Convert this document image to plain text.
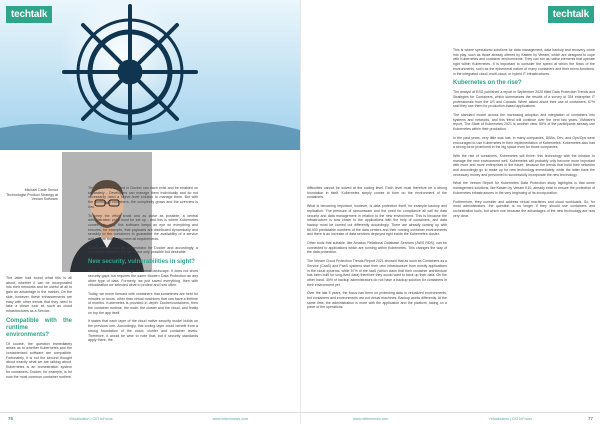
techtalk
Michael Cade Senior Technologist Product Strategy at Veeam Software

The latter had found what this is all about, whether it can be incorporated into their networks and be useful at all to gain an advantage in the market. On the side, however, these enhancements are easy with other trends that they need to take a closer look at, such as cloud infrastructures as a Service.

Compatible with the runtime environments?

Of course, the question immediately arises as to whether Kubernetes and the containerized software are compatible. Fortunately, it is not the second thought about exactly what we are talking about. Kubernetes is an orchestration system for containers. Docker, for example, is for now the most common container runtime.

The containers created in Docker can each exist and be enabled on separately - Developers can manage them individually and do not necessarily need a higher-level solution to manage them. But with the number of containers, the complexity grows and the overview is lost.

To keep the effort small and as close as possible, a central administration point must be set up - and this is where Kubernetes comes into play, this software keeps an eye on everything and ensures, for example, that payloads are distributed dynamically and sensibly to the containers to guarantee the availability of a service and ensure that it can meet all requirements.

Kubernetes is thus an orchestrator for Docker and accordingly, a connection between the two is not only possible but desirable.

New security, vulnerabilities in sight?

Kubernetes does not change the threat landscape. It does not show security gaps but requires the same Modern Data Protection as any other type of data. Formerly, we just saved everything, then with virtualization we selected what to protect and how often.

Today, we move forward with containers that sometimes are held for minutes or hours, other than virtual machines that can have a lifetime of months. Kubernetes is provided in depth: Docker/containers, then the container runtime, the node, the cluster and the cloud, and finally on top the app itself.

It states that each layer of the cloud native security model builds on the previous one. Accordingly, this coding layer could benefit from a strong foundation of the cloud, cluster and container levels. Therefore, it would be wise to note that, but if security standards apply there, the

76	Virtualization | CIO InFocus	www.mitechnews.com
techtalk

difficulties cannot be solved at the coding level. Each level must therefore be a strong foundation in itself. Kubernetes simply comes to form on the environment of the containers.

What is becoming important, however, is data protection itself, for example backup and replication. The pressure of ransomware and the need for compliance all call for data security and data management in relation to the new environment. This is because the infrastructure is now closer to the applications with the help of containers, and data backup must be carried out differently accordingly. There are already coming up with 66,000 predictable numbers of the data centers and their running container environments and there is an increase of data services deployed right inside the Kubernetes cluster.

Other tools that suitable, like Amazon Relational Database Services (AWS RDS), can be connected to applications which are running within Kubernetes. This changes the way of the data protection.

The Veeam Cloud Protection Trends Report 2021 showed that as soon as Containers as a Service (CaaS) and PaaS systems start their own infrastructure from mostly applications in the cloud systems, while 57% of the IaaS (which claim that their container architecture has been built for long-lived data) therefore they would want to back up their data. On the other hand, 40% of backup administrators do not have a backup solution for containers in their environment yet.

Over the last 5 years, the focus has been on protecting data in virtualized environments, but containers and environments are not virtual machines. Backup works differently. At the same time, the administration is more with the application and the platform, taking on a piece of the operations.

This is where specialized solutions for data management, data backup and recovery come into play, such as those already offered by Kasten by Veeam, which are designed to cope with Kubernetes and container environments. They can run as native elements that operate right within Kubernetes. It is important to consider the speed at which the flows of the environments, such as the ephemeral nature of many containers and their micro-functions, in the integrated cloud, multi-cloud, or hybrid IT infrastructures.

Kubernetes on the rise?

The analyst at ESG published a report in September 2020 titled Data Protection Trends and Strategies for Containers, which summarizes the results of a survey of 334 enterprise IT professionals from the US and Canada. When asked about their use of containers, 67% said they use them for production-based applications.

The standard model across the increasing adoption and integration of containers into systems and networks, and this trend will continue over the next two years. VMware's report, The State of Kubernetes 2021 is another view: 65% of the participants already use Kubernetes within their production.

In the past years, very little was lost. In many companies, DBAs, Dev, and Ops/Ops were encouraged to use Kubernetes in their implementation of Kubernetes. Kubernetes also had a strong force prominent in the big space even for those companies.

With the rise of containers, Kubernetes will thrive: this technology with the mission to manage the new environment well. Kubernetes will probably only become more important with more and more enterprises in the future, because the trends that build their networks and accordingly go to make up for new technology immediately, while the latter have the necessary money and personnel to successfully incorporate the new technology.

What the Veeam Report for Kubernetes Data Protection study highlights is that some management solutions, like Kasten by Veeam K10, already exist to ensure the protection of Kubernetes infrastructures in the very beginning of its incorporation.

Furthermore, they consider and address virtual machines and cloud workloads. So, for most administrators, the question is no longer if they should use containers and orchestration tools, but which one because the advantages of the new technology are now very clear.

www.mitechnews.com	Virtualization | CIO InFocus	77
